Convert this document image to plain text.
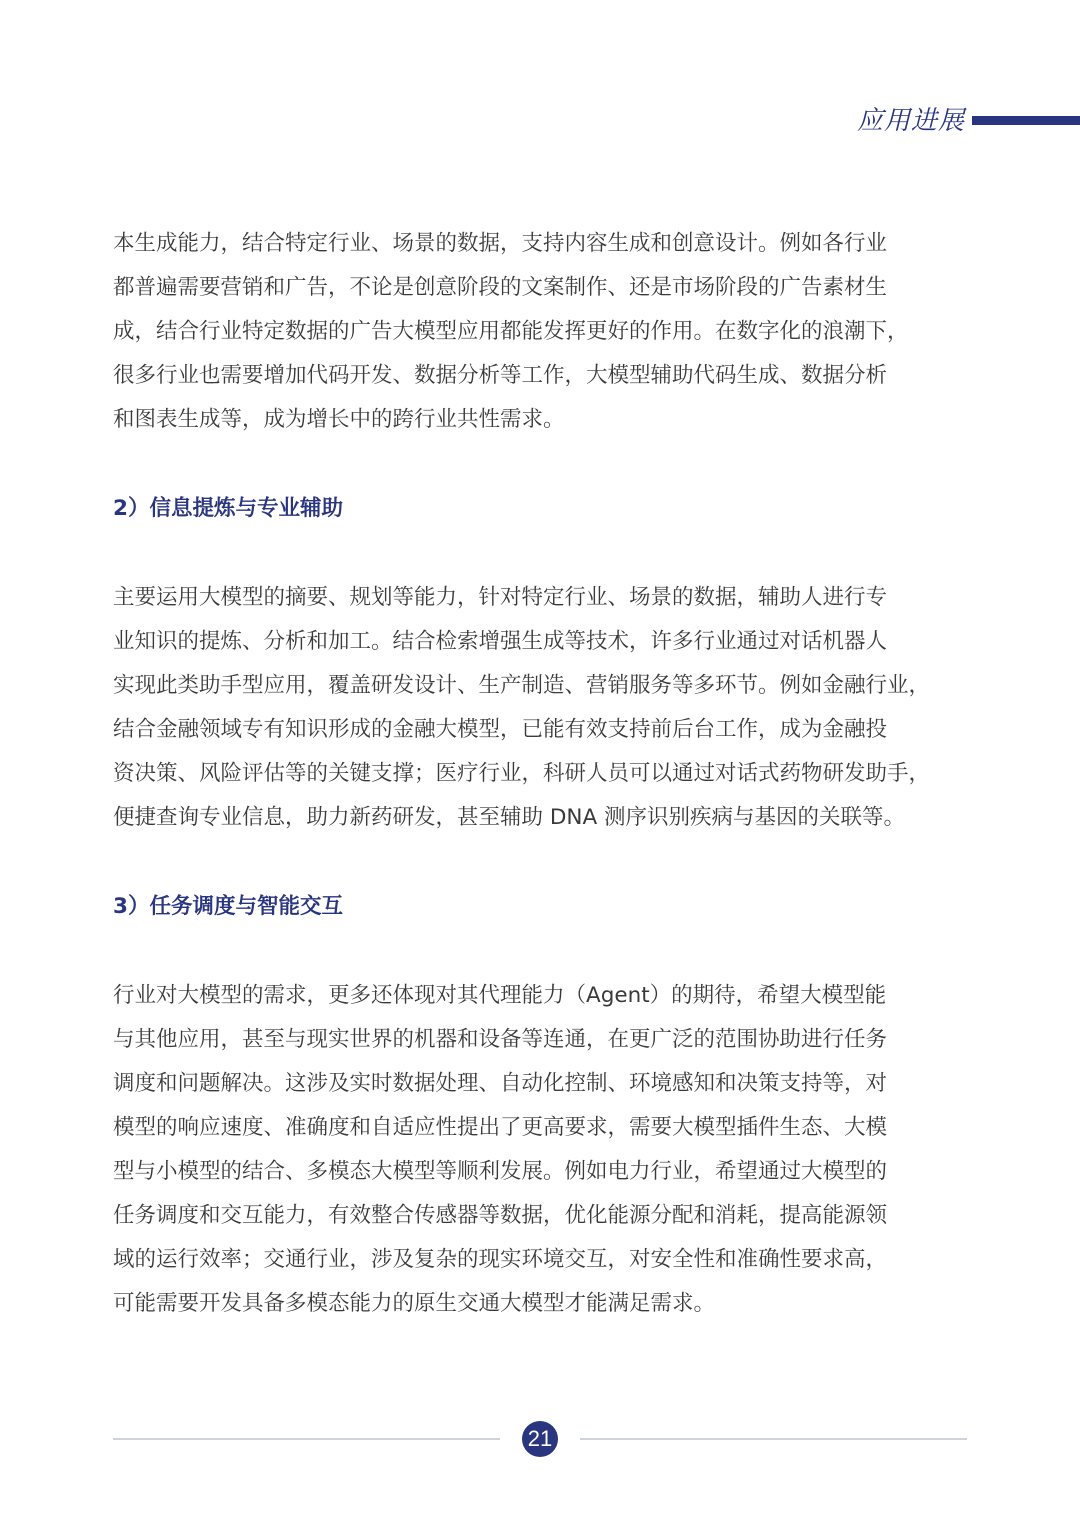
应用进展

本生成能力，结合特定行业、场景的数据，支持内容生成和创意设计。例如各行业
都普遍需要营销和广告，不论是创意阶段的文案制作、还是市场阶段的广告素材生
成，结合行业特定数据的广告大模型应用都能发挥更好的作用。在数字化的浪潮下，
很多行业也需要增加代码开发、数据分析等工作，大模型辅助代码生成、数据分析
和图表生成等，成为增长中的跨行业共性需求。

2）信息提炼与专业辅助

主要运用大模型的摘要、规划等能力，针对特定行业、场景的数据，辅助人进行专
业知识的提炼、分析和加工。结合检索增强生成等技术，许多行业通过对话机器人
实现此类助手型应用，覆盖研发设计、生产制造、营销服务等多环节。例如金融行业，
结合金融领域专有知识形成的金融大模型，已能有效支持前后台工作，成为金融投
资决策、风险评估等的关键支撑；医疗行业，科研人员可以通过对话式药物研发助手，
便捷查询专业信息，助力新药研发，甚至辅助 DNA 测序识别疾病与基因的关联等。

3）任务调度与智能交互

行业对大模型的需求，更多还体现对其代理能力（Agent）的期待，希望大模型能
与其他应用，甚至与现实世界的机器和设备等连通，在更广泛的范围协助进行任务
调度和问题解决。这涉及实时数据处理、自动化控制、环境感知和决策支持等，对
模型的响应速度、准确度和自适应性提出了更高要求，需要大模型插件生态、大模
型与小模型的结合、多模态大模型等顺利发展。例如电力行业，希望通过大模型的
任务调度和交互能力，有效整合传感器等数据，优化能源分配和消耗，提高能源领
域的运行效率；交通行业，涉及复杂的现实环境交互，对安全性和准确性要求高，
可能需要开发具备多模态能力的原生交通大模型才能满足需求。

21
